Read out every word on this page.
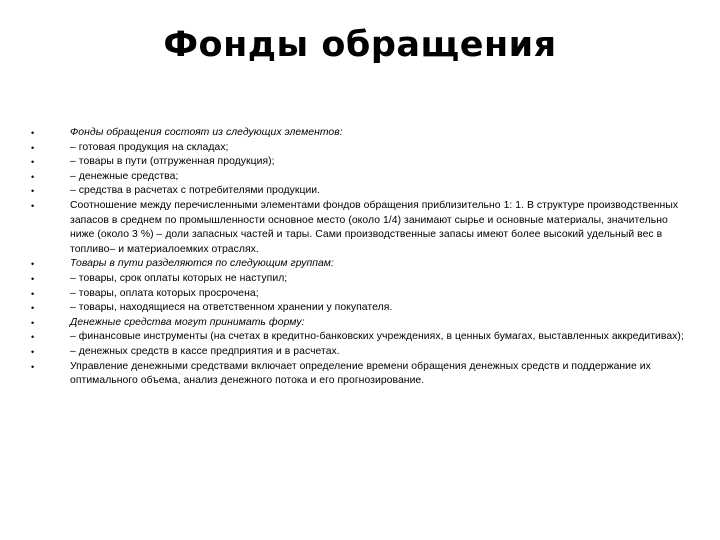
Фонды обращения
• Фонды обращения состоят из следующих элементов:
• – готовая продукция на складах;
• – товары в пути (отгруженная продукция);
• – денежные средства;
• – средства в расчетах с потребителями продукции.
• Соотношение между перечисленными элементами фондов обращения приблизительно 1: 1. В структуре производственных запасов в среднем по промышленности основное место (около 1/4) занимают сырье и основные материалы, значительно ниже (около 3 %) – доли запасных частей и тары. Сами производственные запасы имеют более высокий удельный вес в топливо– и материалоемких отраслях.
• Товары в пути разделяются по следующим группам:
• – товары, срок оплаты которых не наступил;
• – товары, оплата которых просрочена;
• – товары, находящиеся на ответственном хранении у покупателя.
• Денежные средства могут принимать форму:
• – финансовые инструменты (на счетах в кредитно-банковских учреждениях, в ценных бумагах, выставленных аккредитивах);
• – денежных средств в кассе предприятия и в расчетах.
• Управление денежными средствами включает определение времени обращения денежных средств и поддержание их оптимального объема, анализ денежного потока и его прогнозирование.
